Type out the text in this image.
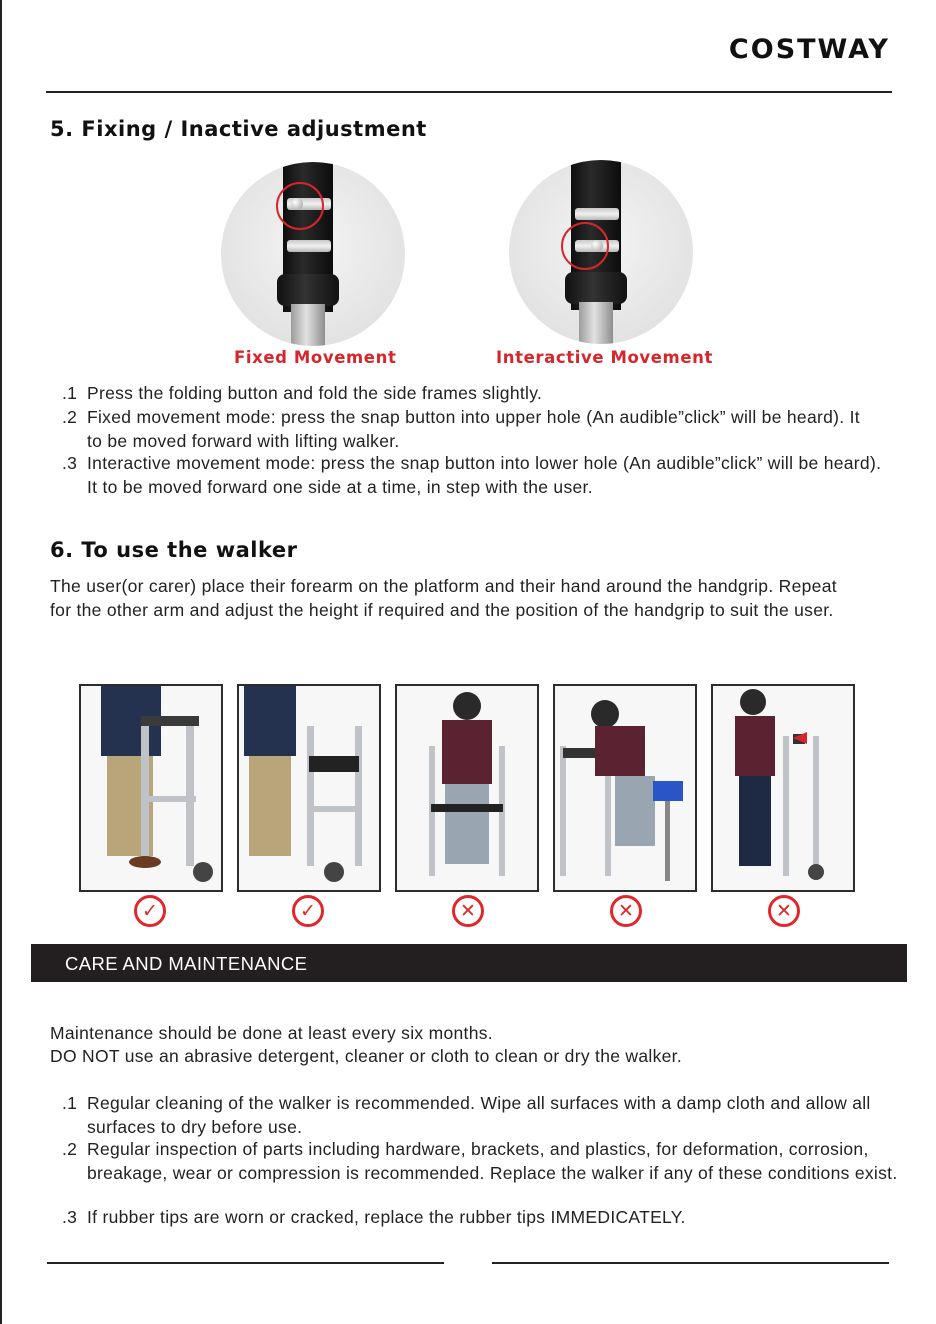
COSTWAY
5. Fixing / Inactive adjustment
Fixed Movement	Interactive Movement
.1 Press the folding button and fold the side frames slightly.
.2 Fixed movement mode: press the snap button into upper hole (An audible”click” will be heard). It to be moved forward with lifting walker.
.3 Interactive movement mode: press the snap button into lower hole (An audible”click” will be heard). It to be moved forward one side at a time, in step with the user.
6. To use the walker

The user(or carer) place their forearm on the platform and their hand around the handgrip. Repeat for the other arm and adjust the height if required and the position of the handgrip to suit the user.

✓	✓	✕	✕	✕
CARE AND MAINTENANCE

Maintenance should be done at least every six months.

DO NOT use an abrasive detergent, cleaner or cloth to clean or dry the walker.

.1 Regular cleaning of the walker is recommended. Wipe all surfaces with a damp cloth and allow all surfaces to dry before use.
.2 Regular inspection of parts including hardware, brackets, and plastics, for deformation, corrosion, breakage, wear or compression is recommended. Replace the walker if any of these conditions exist.
.3 If rubber tips are worn or cracked, replace the rubber tips IMMEDICATELY.
